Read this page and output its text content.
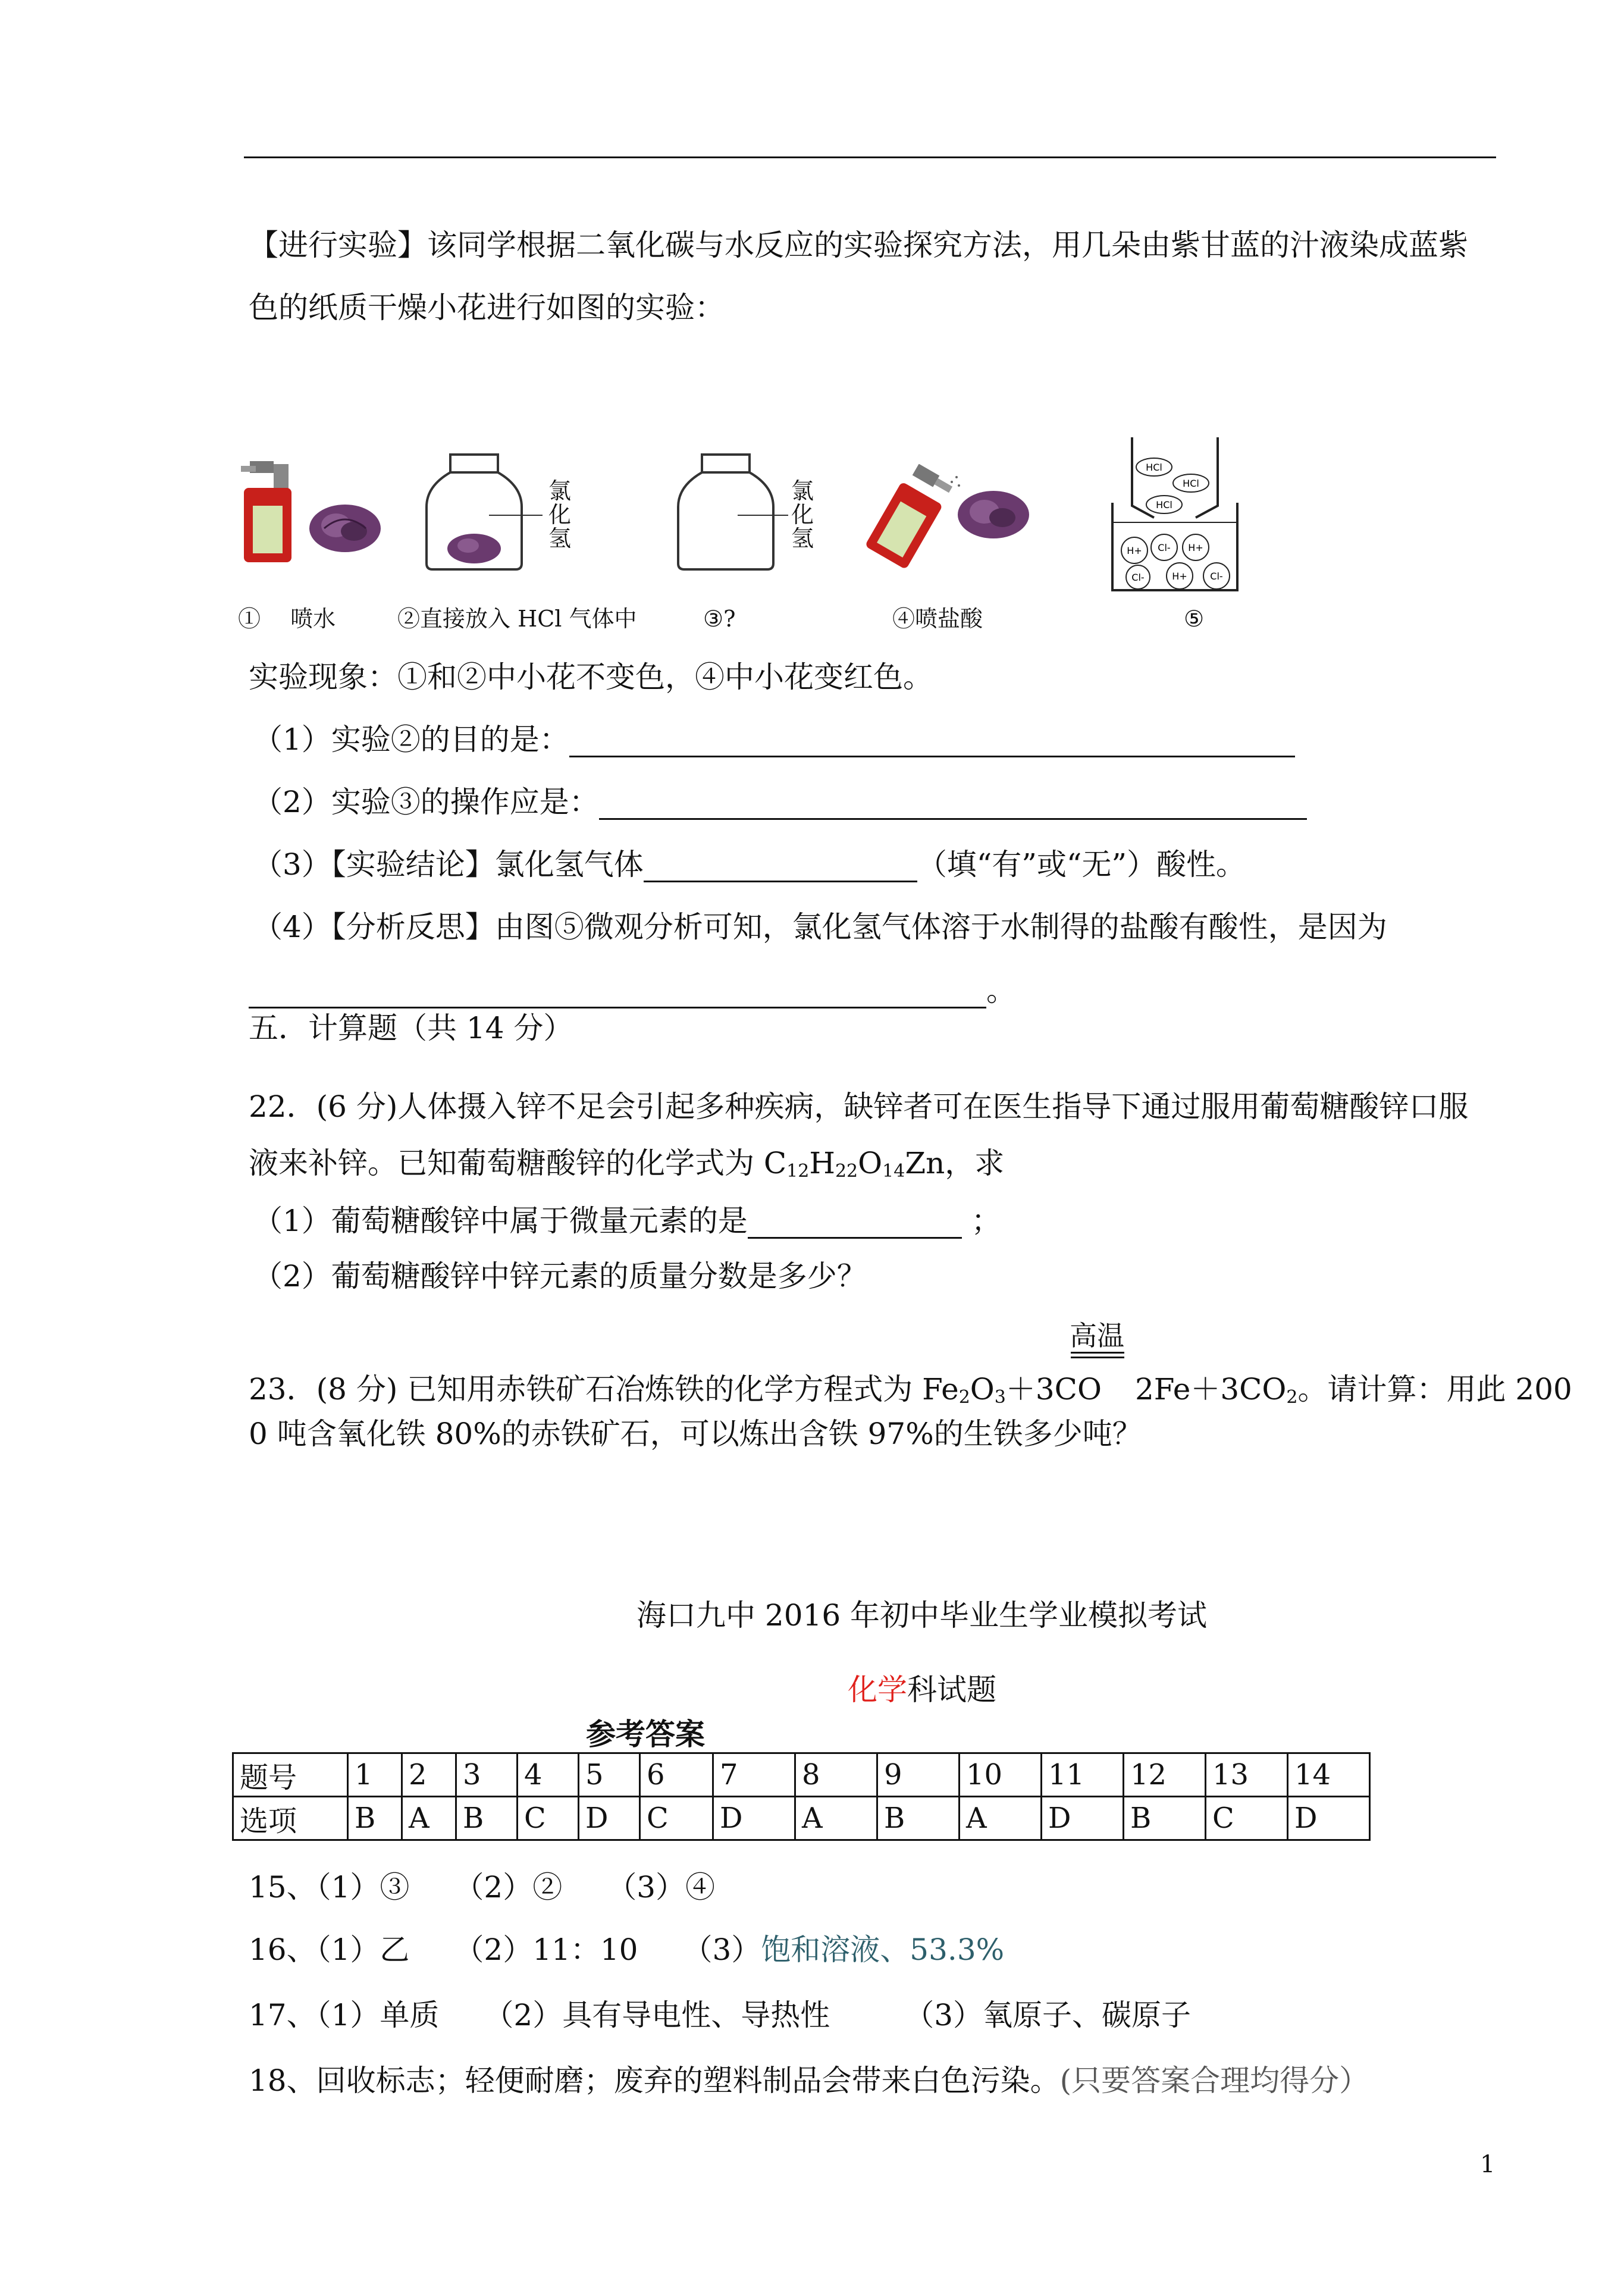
【进行实验】该同学根据二氧化碳与水反应的实验探究方法，用几朵由紫甘蓝的汁液染成蓝紫
色的纸质干燥小花进行如图的实验：
氯化氢
氯化氢
HCl
HCl
HCl
H+ Cl- H+
Cl-	H+ Cl-
①　 喷水	②直接放入 HCl 气体中	③?	④喷盐酸	⑤
实验现象：①和②中小花不变色，④中小花变红色。
（1）实验②的目的是：
（2）实验③的操作应是：
（3）【实验结论】氯化氢气体	（填“有”或“无”）酸性。
（4）【分析反思】由图⑤微观分析可知，氯化氢气体溶于水制得的盐酸有酸性，是因为
。
五．计算题（共 14 分）
22．(6 分)人体摄入锌不足会引起多种疾病，缺锌者可在医生指导下通过服用葡萄糖酸锌口服
液来补锌。已知葡萄糖酸锌的化学式为 $C_{12}H_{22}O_{14}Zn$，求
（1）葡萄糖酸锌中属于微量元素的是	；
（2）葡萄糖酸锌中锌元素的质量分数是多少？
高温
23．(8 分) 已知用赤铁矿石冶炼铁的化学方程式为 $Fe_2O_3+3CO$ $2Fe+3CO_2$。请计算：用此 200
0 吨含氧化铁 80%的赤铁矿石，可以炼出含铁 97%的生铁多少吨？
海口九中 2016 年初中毕业生学业模拟考试
化学科试题
参考答案
题号	1	2	3	4	5	6	7	8	9	10	11	12	13	14
选项	B	A	B	C	D	C	D	A	B	A	D	B	C	D
15、（1）③　　（2）②　　（3）④
16、（1）乙　　（2）11：10　　（3）饱和溶液、53.3%
17、（1）单质　　（2）具有导电性、导热性　　　（3）氧原子、碳原子
18、回收标志；轻便耐磨；废弃的塑料制品会带来白色污染。(只要答案合理均得分）
1
